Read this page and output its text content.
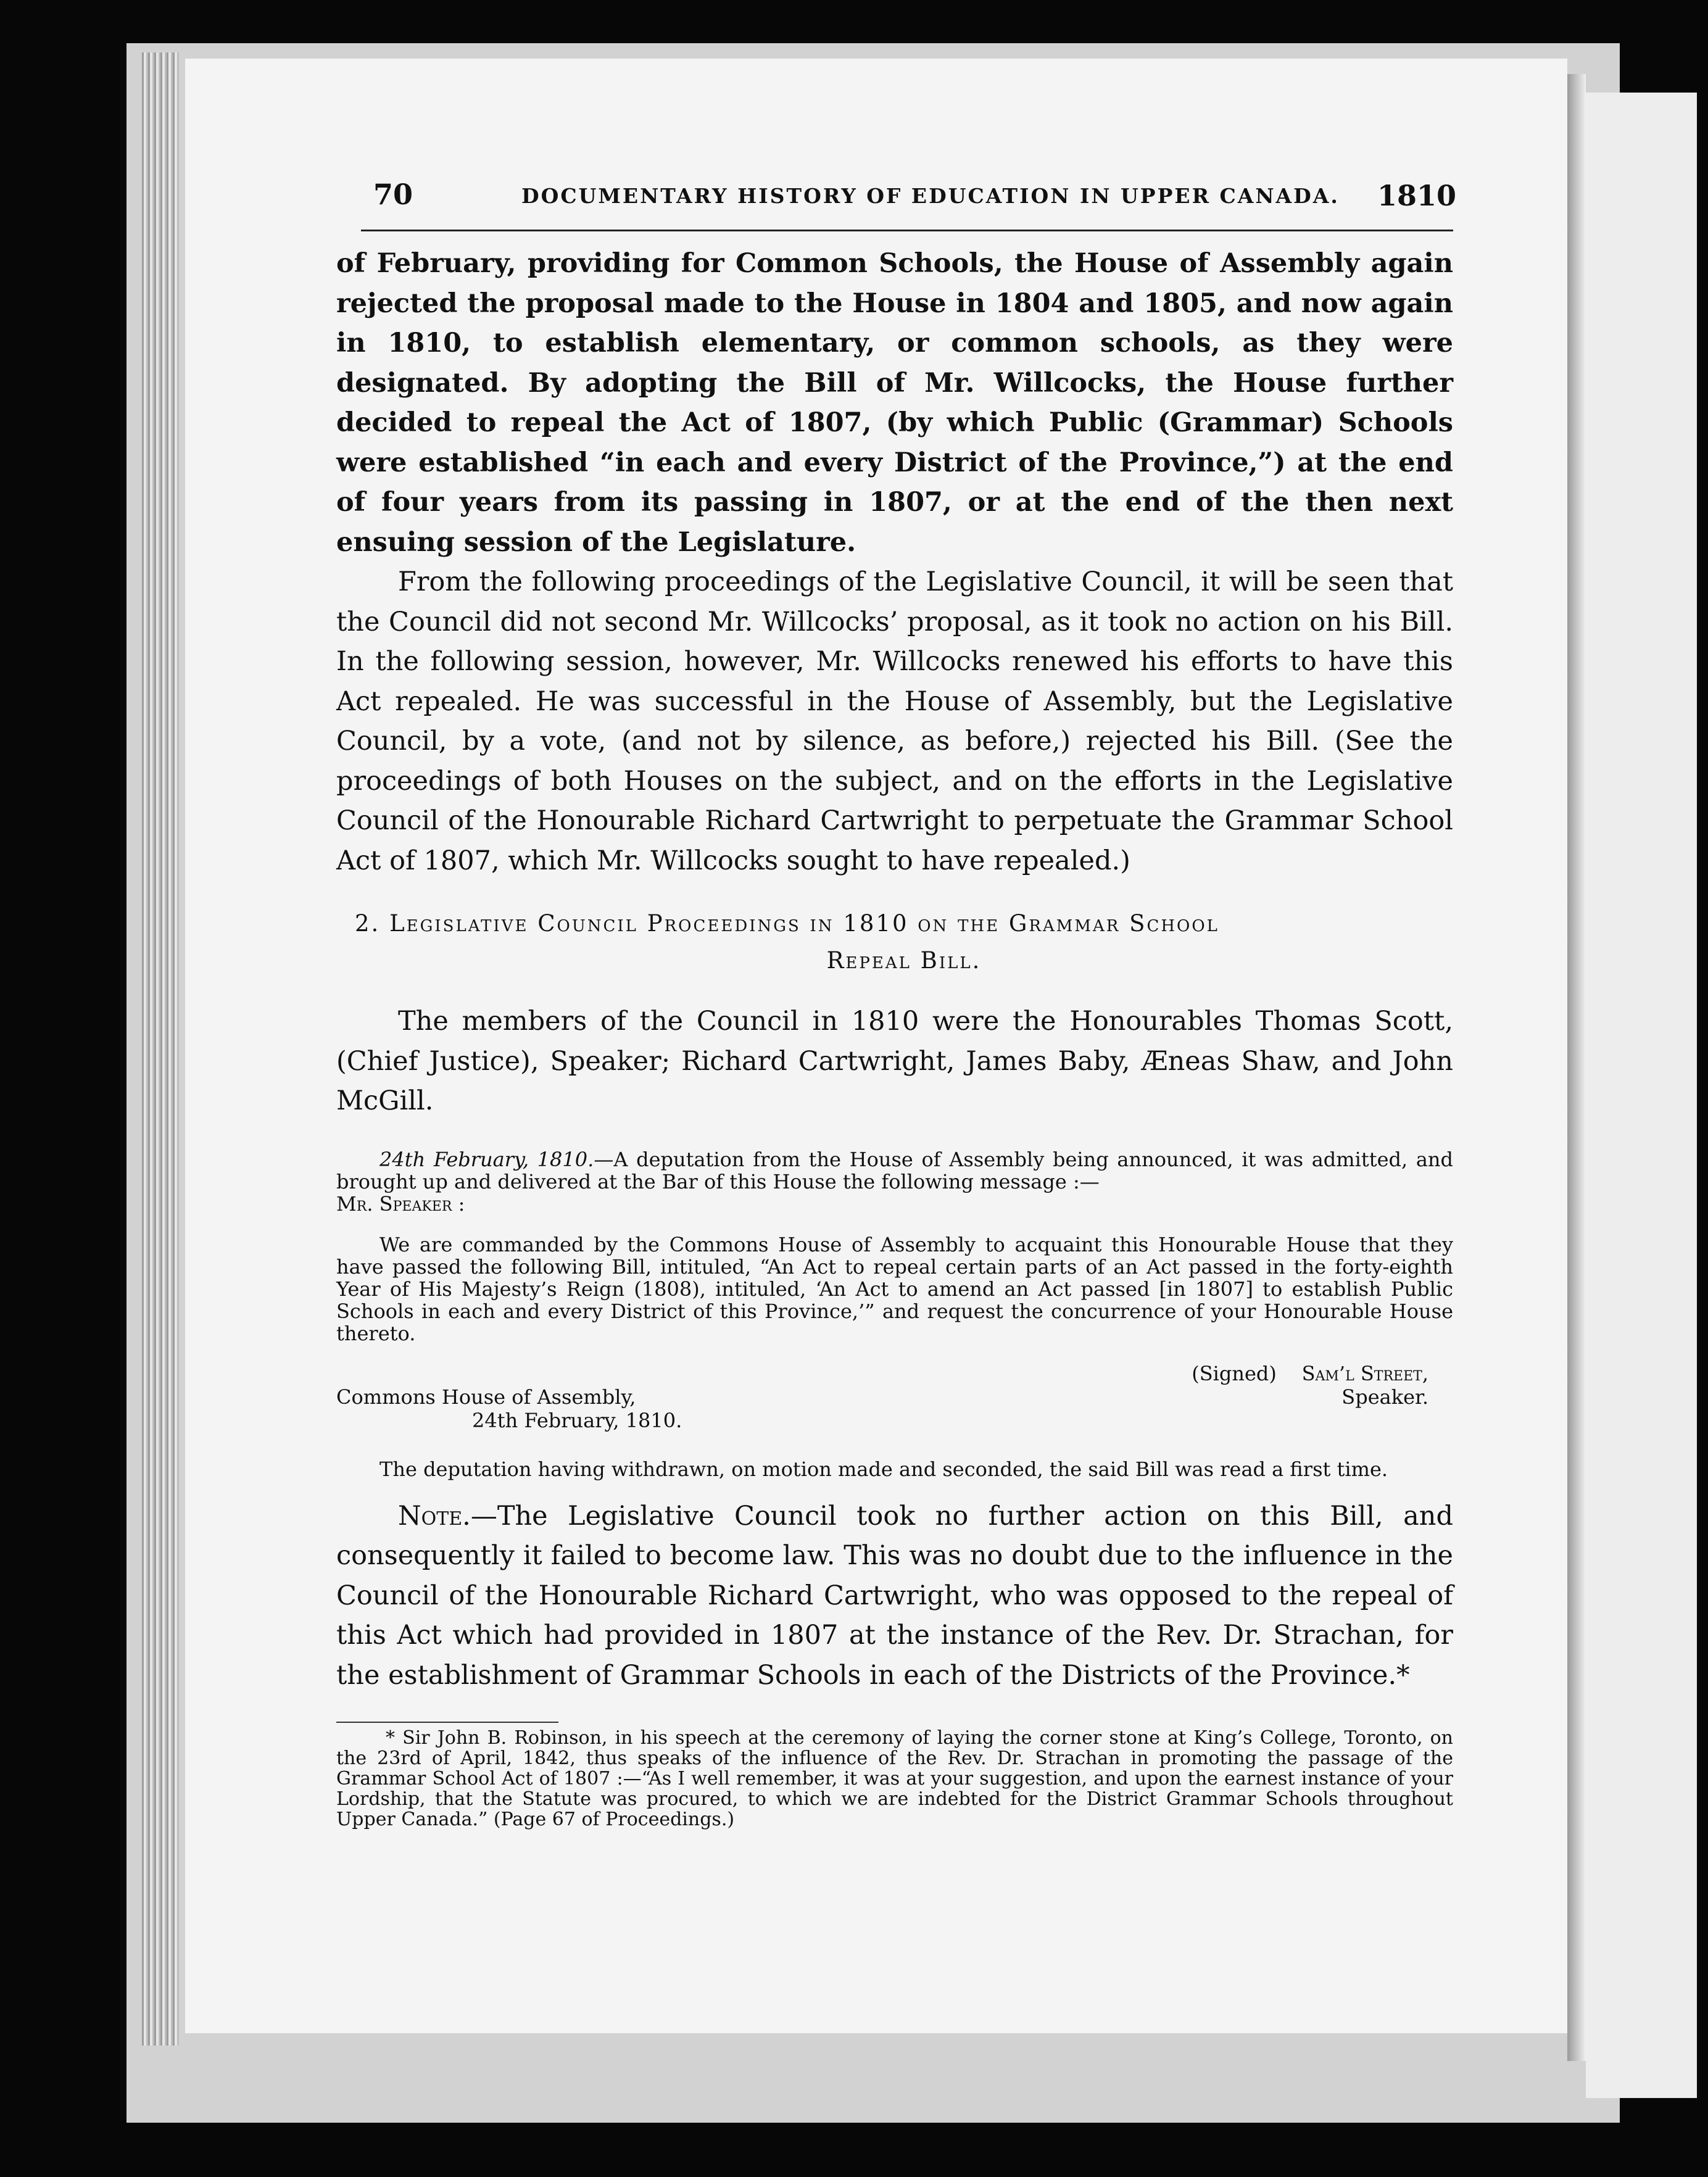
70	DOCUMENTARY HISTORY OF EDUCATION IN UPPER CANADA. 1810

of February, providing for Common Schools, the House of Assembly again rejected the proposal made to the House in 1804 and 1805, and now again in 1810, to establish elementary, or common schools, as they were designated. By adopting the Bill of Mr. Willcocks, the House further decided to repeal the Act of 1807, (by which Public (Grammar) Schools were established “in each and every District of the Province,”) at the end of four years from its passing in 1807, or at the end of the then next ensuing session of the Legislature.

From the following proceedings of the Legislative Council, it will be seen that the Council did not second Mr. Willcocks’ proposal, as it took no action on his Bill. In the following session, however, Mr. Willcocks renewed his efforts to have this Act repealed. He was successful in the House of Assembly, but the Legislative Council, by a vote, (and not by silence, as before,) rejected his Bill. (See the proceedings of both Houses on the subject, and on the efforts in the Legislative Council of the Honourable Richard Cartwright to perpetuate the Grammar School Act of 1807, which Mr. Willcocks sought to have repealed.)

2. Legislative Council Proceedings in 1810 on the Grammar School
Repeal Bill.

The members of the Council in 1810 were the Honourables Thomas Scott, (Chief Justice), Speaker; Richard Cartwright, James Baby, Æneas Shaw, and John McGill.

24th February, 1810.—A deputation from the House of Assembly being announced, it was admitted, and brought up and delivered at the Bar of this House the following message :—
Mr. Speaker :
We are commanded by the Commons House of Assembly to acquaint this Honourable House that they have passed the following Bill, intituled, “An Act to repeal certain parts of an Act passed in the forty-eighth Year of His Majesty’s Reign (1808), intituled, ‘An Act to amend an Act passed [in 1807] to establish Public Schools in each and every District of this Province,’” and request the concurrence of your Honourable House thereto.
(Signed) Sam’l Street,
Speaker.
Commons House of Assembly,
24th February, 1810.
The deputation having withdrawn, on motion made and seconded, the said Bill was read a first time.

Note.—The Legislative Council took no further action on this Bill, and consequently it failed to become law. This was no doubt due to the influence in the Council of the Honourable Richard Cartwright, who was opposed to the repeal of this Act which had provided in 1807 at the instance of the Rev. Dr. Strachan, for the establishment of Grammar Schools in each of the Districts of the Province.*

* Sir John B. Robinson, in his speech at the ceremony of laying the corner stone at King’s College, Toronto, on the 23rd of April, 1842, thus speaks of the influence of the Rev. Dr. Strachan in promoting the passage of the Grammar School Act of 1807 :—“As I well remember, it was at your suggestion, and upon the earnest instance of your Lordship, that the Statute was procured, to which we are indebted for the District Grammar Schools throughout Upper Canada.” (Page 67 of Proceedings.)
